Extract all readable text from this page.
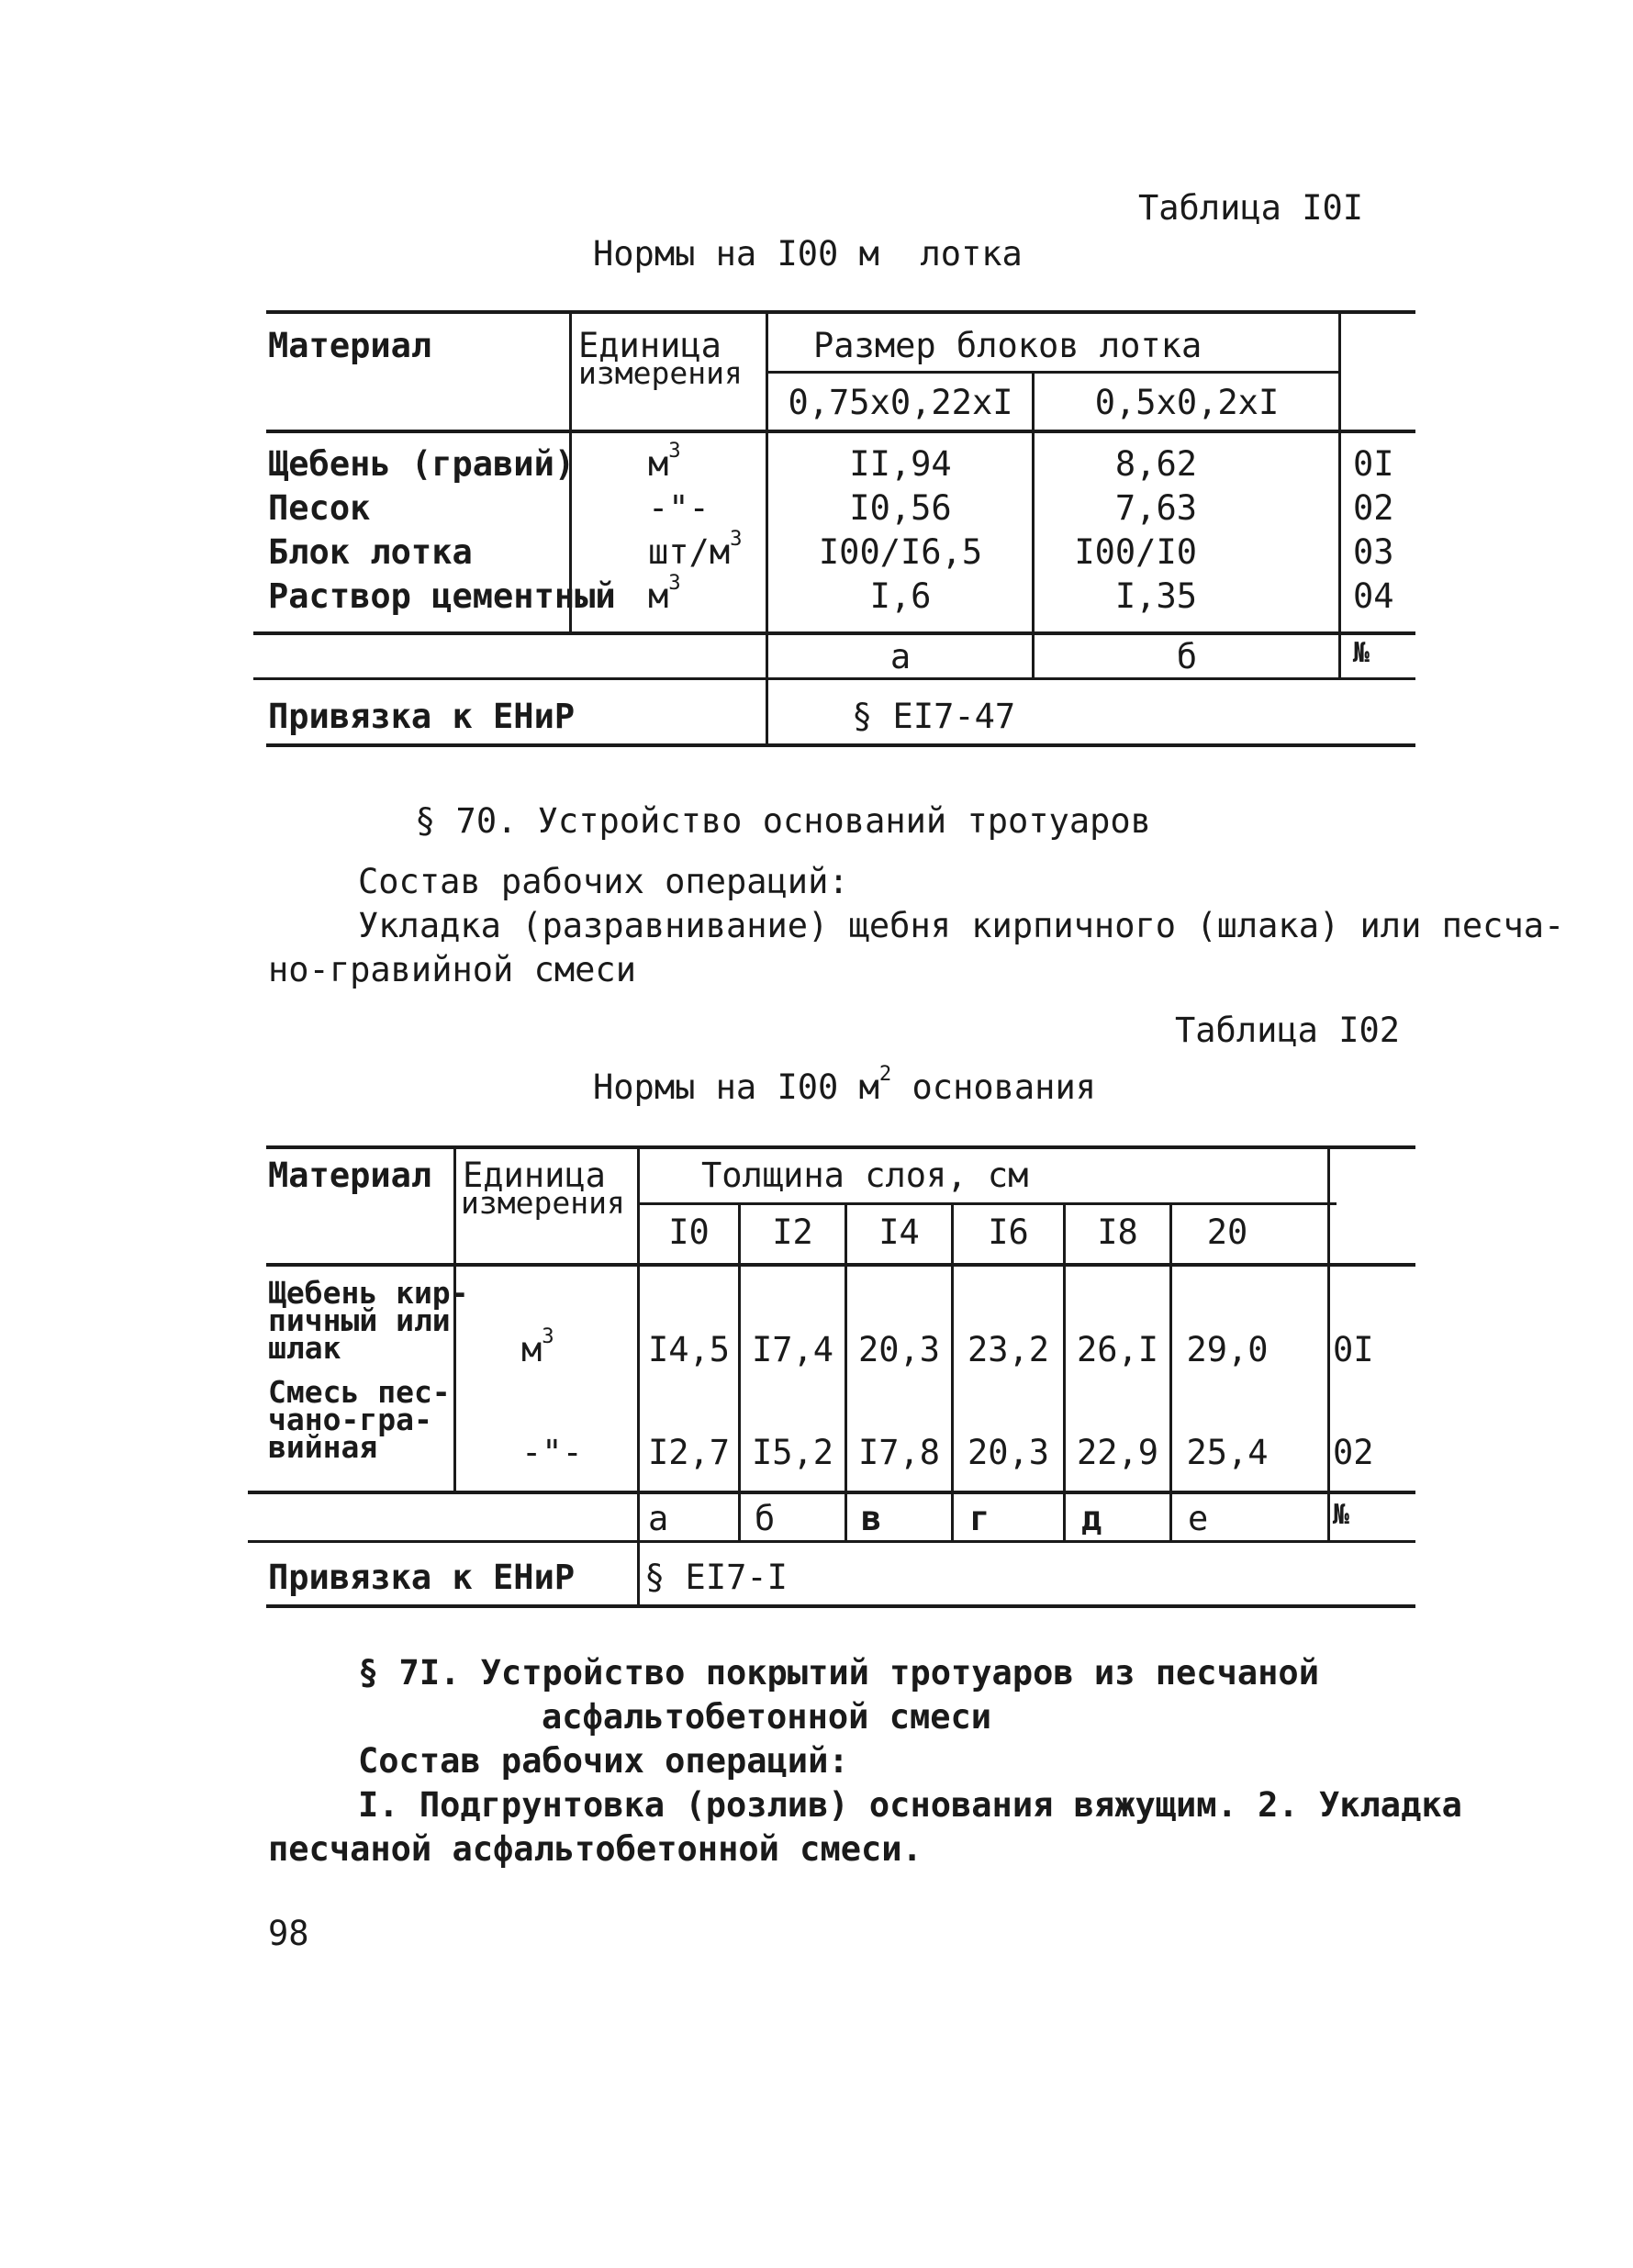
Таблица I0I
Нормы на I00 м лотка
Материал	Единица
измерения
Размер блоков лотка
0,75x0,22xI	0,5x0,2xI
Щебень (гравий) $м^3$	II,94	8,62	0I
Песок	-"-	I0,56	7,63	02
Блок лотка	$шт/м^3$	I00/I6,5	I00/I0	03
Раствор цементный $м^3$	I,6	I,35	04
а	б	№
Привязка к ЕНиР	§ ЕI7-47
§ 70. Устройство оснований тротуаров
Состав рабочих операций:
Укладка (разравнивание) щебня кирпичного (шлака) или песча-
но-гравийной смеси
Таблица I02
Нормы на I00 $м^2$ основания
Материал Единица
измерения
Толщина слоя, см
I0	I2	I4	I6	I8	20
Щебень кир-
пичный или
шлак	$м^3$	I4,5 I7,4 20,3 23,2 26,I 29,0	0I
Смесь пес-
чано-гра-
вийная	-"- I2,7 I5,2 I7,8 20,3 22,9 25,4	02
а	б	в	г	д	е	№
Привязка к ЕНиР § ЕI7-I
§ 7I. Устройство покрытий тротуаров из песчаной
асфальтобетонной смеси
Состав рабочих операций:
I. Подгрунтовка (розлив) основания вяжущим. 2. Укладка
песчаной асфальтобетонной смеси.
98
